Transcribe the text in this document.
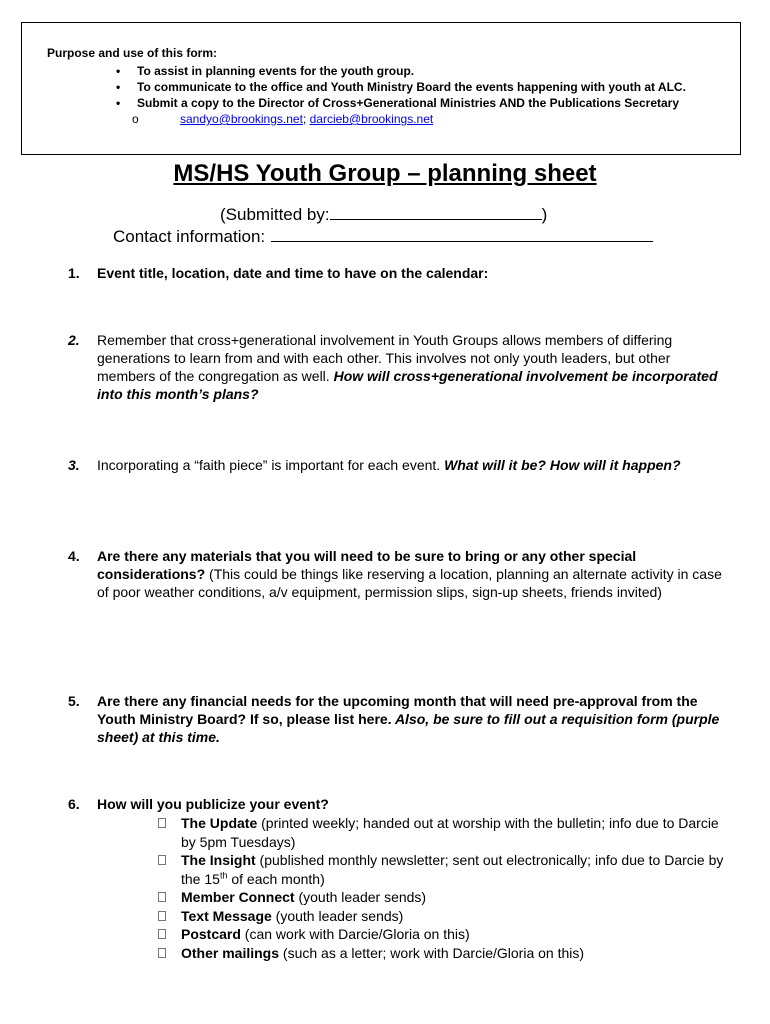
Purpose and use of this form:
• To assist in planning events for the youth group.
• To communicate to the office and Youth Ministry Board the events happening with youth at ALC.
• Submit a copy to the Director of Cross+Generational Ministries AND the Publications Secretary
o	sandyo@brookings.net; darcieb@brookings.net
MS/HS Youth Group – planning sheet
(Submitted by:	)
Contact information:
1. Event title, location, date and time to have on the calendar:
2. Remember that cross+generational involvement in Youth Groups allows members of differing generations to learn from and with each other. This involves not only youth leaders, but other members of the congregation as well. How will cross+generational involvement be incorporated into this month’s plans?
3. Incorporating a “faith piece” is important for each event. What will it be? How will it happen?
4. Are there any materials that you will need to be sure to bring or any other special considerations? (This could be things like reserving a location, planning an alternate activity in case of poor weather conditions, a/v equipment, permission slips, sign-up sheets, friends invited)
5. Are there any financial needs for the upcoming month that will need pre-approval from the Youth Ministry Board? If so, please list here. Also, be sure to fill out a requisition form (purple sheet) at this time.
6. How will you publicize your event?
The Update (printed weekly; handed out at worship with the bulletin; info due to Darcie by 5pm Tuesdays)
The Insight (published monthly newsletter; sent out electronically; info due to Darcie by the 15th of each month)
Member Connect (youth leader sends)
Text Message (youth leader sends)
Postcard (can work with Darcie/Gloria on this)
Other mailings (such as a letter; work with Darcie/Gloria on this)
